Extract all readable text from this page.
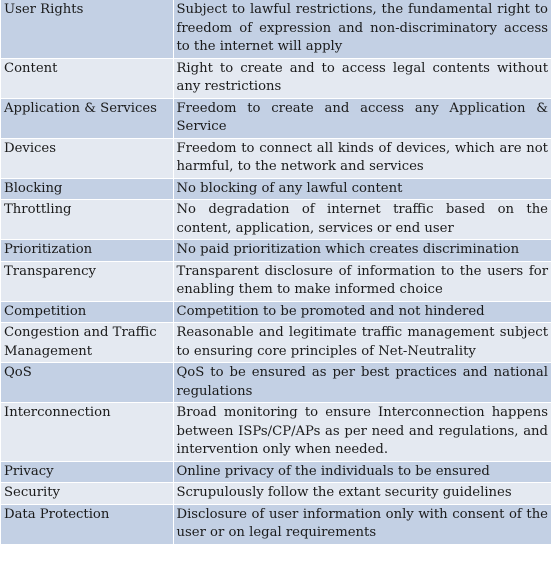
User Rights	Subject to lawful restrictions, the fundamental right to freedom of expression and non-discriminatory access to the internet will apply
Content	Right to create and to access legal contents without any restrictions
Application & Services	Freedom to create and access any Application & Service
Devices	Freedom to connect all kinds of devices, which are not harmful, to the network and services
Blocking	No blocking of any lawful content
Throttling	No degradation of internet traffic based on the content, application, services or end user
Prioritization	No paid prioritization which creates discrimination
Transparency	Transparent disclosure of information to the users for enabling them to make informed choice
Competition	Competition to be promoted and not hindered
Congestion and Traffic Management	Reasonable and legitimate traffic management subject to ensuring core principles of Net-Neutrality
QoS	QoS to be ensured as per best practices and national regulations
Interconnection	Broad monitoring to ensure Interconnection happens between ISPs/CP/APs as per need and regulations, and intervention only when needed.
Privacy	Online privacy of the individuals to be ensured
Security	Scrupulously follow the extant security guidelines
Data Protection	Disclosure of user information only with consent of the user or on legal requirements
